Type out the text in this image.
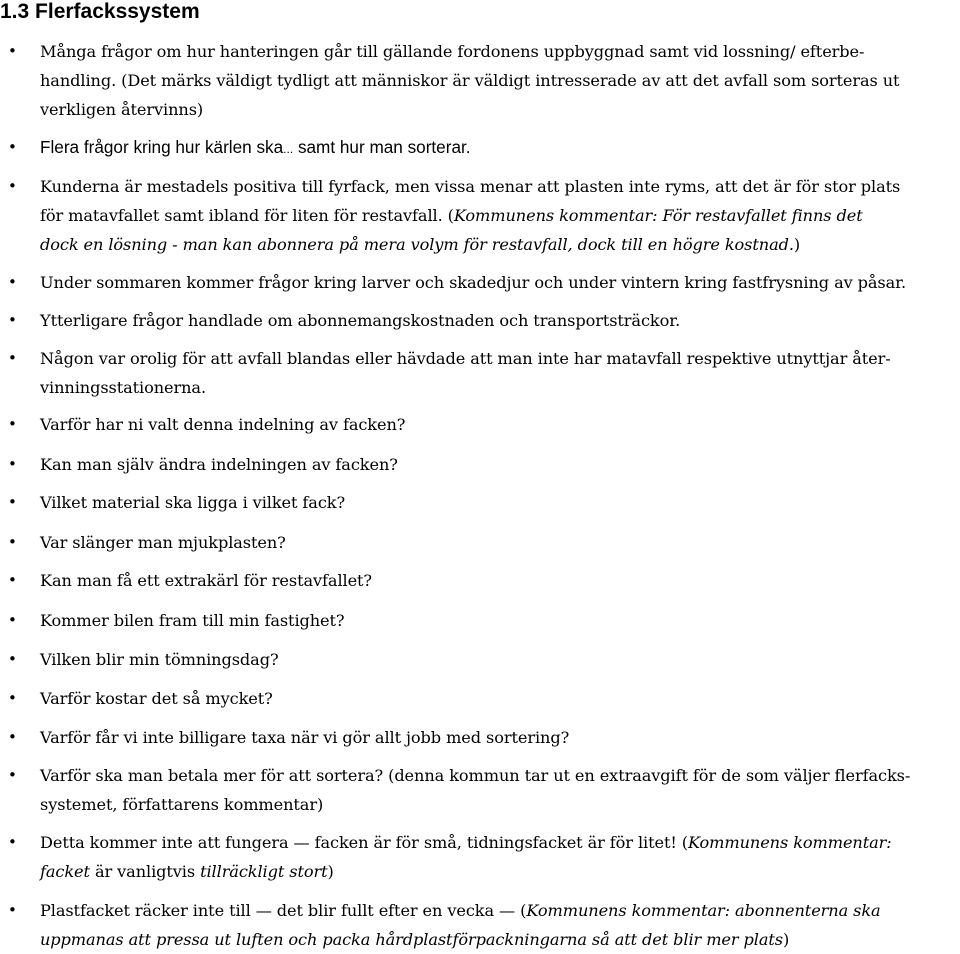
1.3 Flerfackssystem
•	Många frågor om hur hanteringen går till gällande fordonens uppbyggnad samt vid lossning/ efterbe-
handling. (Det märks väldigt tydligt att människor är väldigt intresserade av att det avfall som sorteras ut
verkligen återvinns)
• Flera frågor kring hur kärlen ska... samt hur man sorterar.
•	Kunderna är mestadels positiva till fyrfack, men vissa menar att plasten inte ryms, att det är för stor plats
för matavfallet samt ibland för liten för restavfall. (Kommunens kommentar: För restavfallet finns det
dock en lösning - man kan abonnera på mera volym för restavfall, dock till en högre kostnad.)
•	Under sommaren kommer frågor kring larver och skadedjur och under vintern kring fastfrysning av påsar.
•	Ytterligare frågor handlade om abonnemangskostnaden och transportsträckor.
•	Någon var orolig för att avfall blandas eller hävdade att man inte har matavfall respektive utnyttjar åter-
vinningsstationerna.
•	Varför har ni valt denna indelning av facken?
•	Kan man själv ändra indelningen av facken?
•	Vilket material ska ligga i vilket fack?
•	Var slänger man mjukplasten?
•	Kan man få ett extrakärl för restavfallet?
•	Kommer bilen fram till min fastighet?
•	Vilken blir min tömningsdag?
•	Varför kostar det så mycket?
•	Varför får vi inte billigare taxa när vi gör allt jobb med sortering?
•	Varför ska man betala mer för att sortera? (denna kommun tar ut en extraavgift för de som väljer flerfacks-
systemet, författarens kommentar)
•	Detta kommer inte att fungera — facken är för små, tidningsfacket är för litet! (Kommunens kommentar:
facket är vanligtvis tillräckligt stort)
•	Plastfacket räcker inte till — det blir fullt efter en vecka — (Kommunens kommentar: abonnenterna ska
uppmanas att pressa ut luften och packa hårdplastförpackningarna så att det blir mer plats)
